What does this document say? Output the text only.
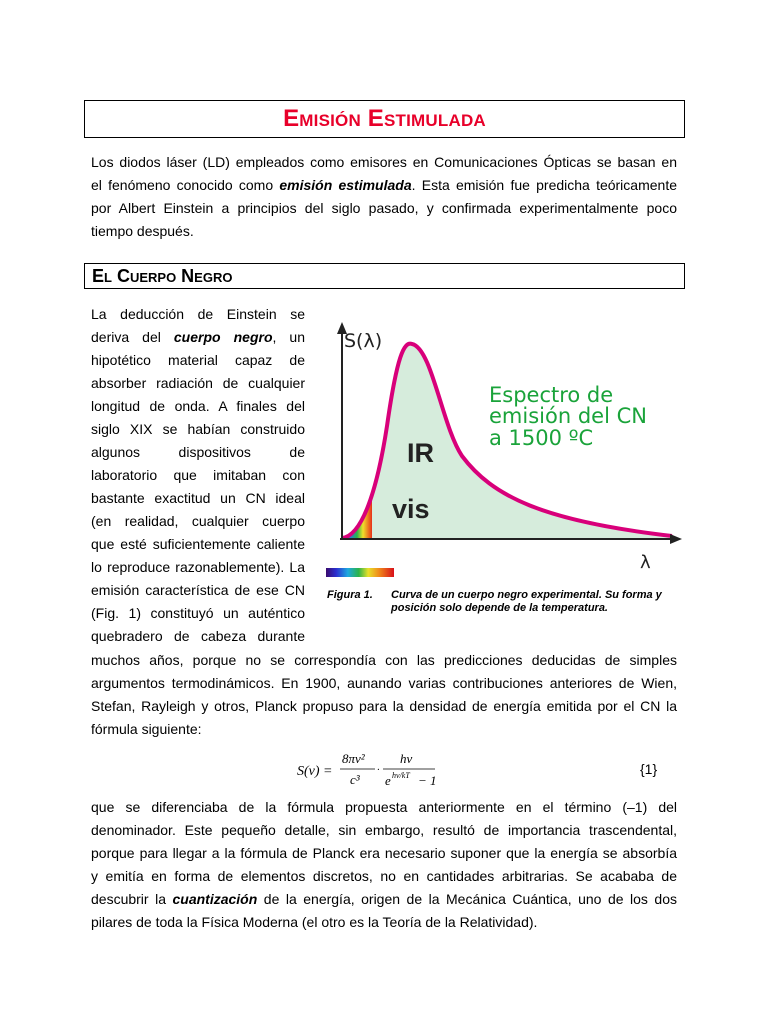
Emisión Estimulada
Los diodos láser (LD) empleados como emisores en Comunicaciones Ópticas se basan en
el fenómeno conocido como emisión estimulada. Esta emisión fue predicha teóricamente
por Albert Einstein a principios del siglo pasado, y confirmada experimentalmente poco
tiempo después.
El Cuerpo Negro
La deducción de Einstein se
deriva del cuerpo negro, un
hipotético material capaz de
absorber radiación de cualquier
longitud de onda. A finales del
siglo XIX se habían construido
algunos dispositivos de
laboratorio que imitaban con
bastante exactitud un CN ideal
(en realidad, cualquier cuerpo
que esté suficientemente caliente
lo reproduce razonablemente). La
emisión característica de ese CN
(Fig. 1) constituyó un auténtico
quebradero de cabeza durante
S(λ)
λ
IR
vis
Espectro de
emisión del CN
a 1500 ºC
Figura 1. Curva de un cuerpo negro experimental. Su forma y posición solo depende de la temperatura.
muchos años, porque no se correspondía con las predicciones deducidas de simples
argumentos termodinámicos. En 1900, aunando varias contribuciones anteriores de Wien,
Stefan, Rayleigh y otros, Planck propuso para la densidad de energía emitida por el CN la
fórmula siguiente:
S(ν) =
8πν²
c³
·
hν
e hν/kT − 1
{1}
que se diferenciaba de la fórmula propuesta anteriormente en el término (–1) del
denominador. Este pequeño detalle, sin embargo, resultó de importancia trascendental,
porque para llegar a la fórmula de Planck era necesario suponer que la energía se absorbía
y emitía en forma de elementos discretos, no en cantidades arbitrarias. Se acababa de
descubrir la cuantización de la energía, origen de la Mecánica Cuántica, uno de los dos
pilares de toda la Física Moderna (el otro es la Teoría de la Relatividad).
